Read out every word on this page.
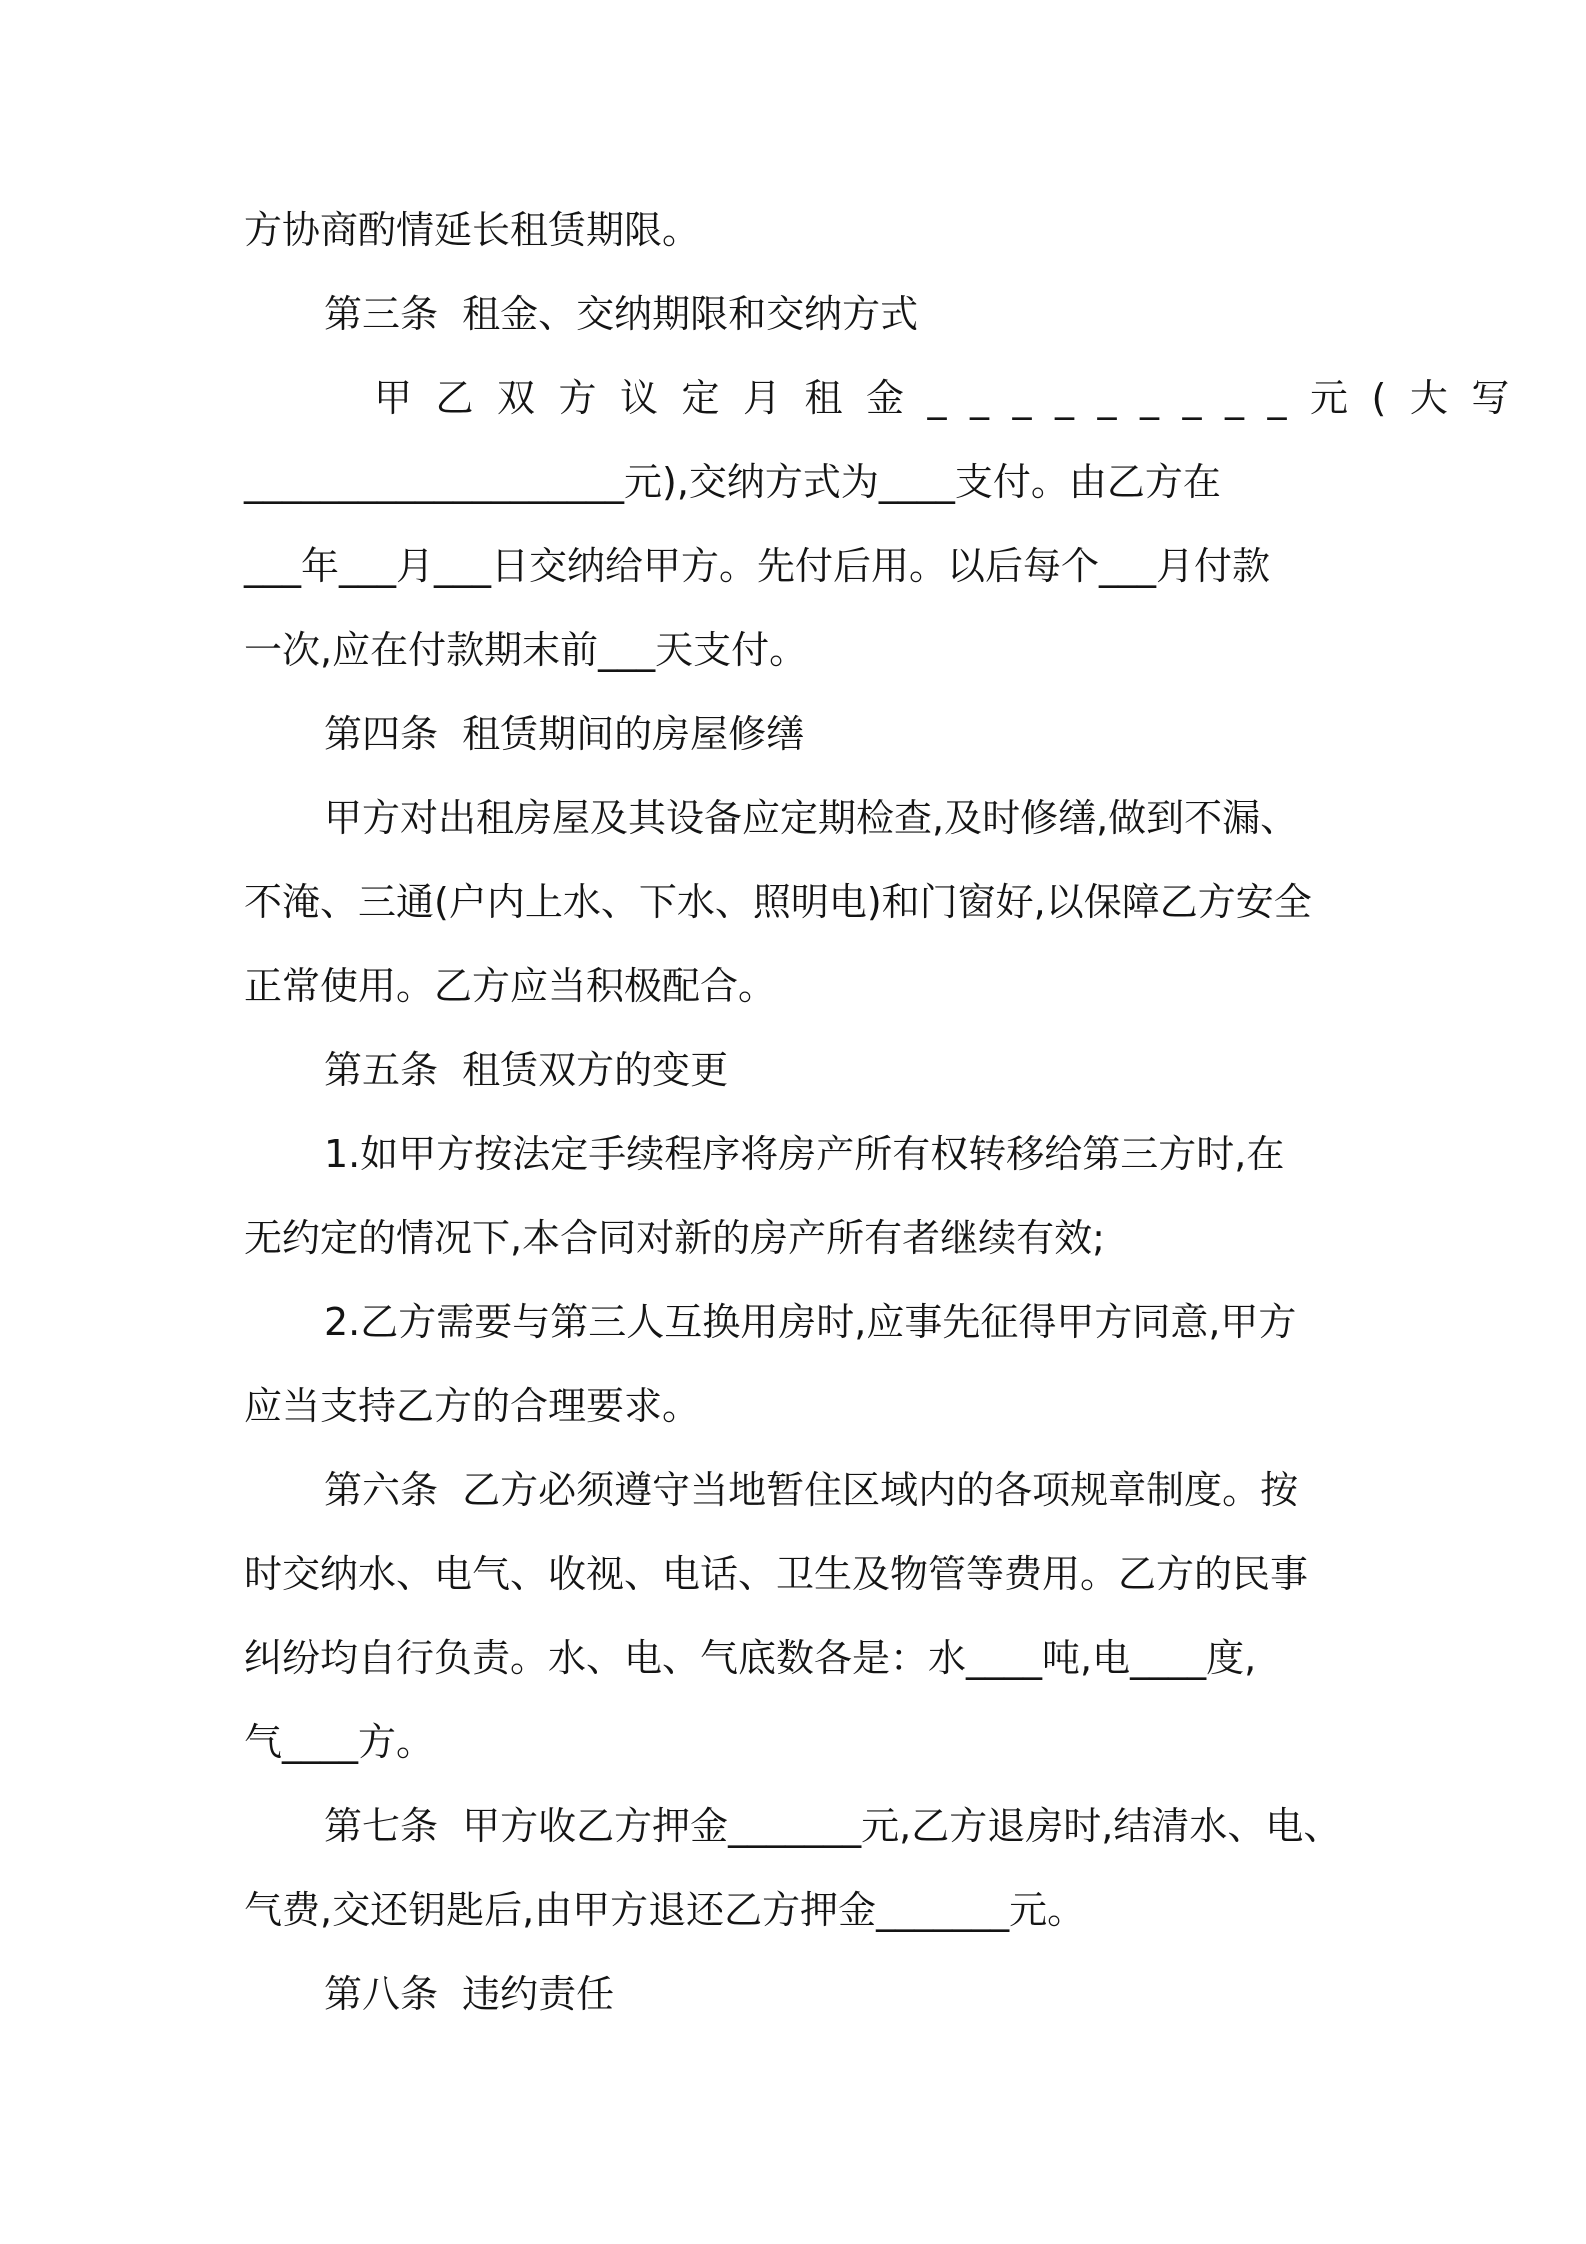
方协商酌情延长租赁期限。
第三条  租金、交纳期限和交纳方式
甲乙双方议定月租金_________元(大写
____________________元),交纳方式为____支付。由乙方在
___年___月___日交纳给甲方。先付后用。以后每个___月付款
一次,应在付款期末前___天支付。
第四条  租赁期间的房屋修缮
甲方对出租房屋及其设备应定期检查,及时修缮,做到不漏、
不淹、三通(户内上水、下水、照明电)和门窗好,以保障乙方安全
正常使用。乙方应当积极配合。
第五条  租赁双方的变更
1.如甲方按法定手续程序将房产所有权转移给第三方时,在
无约定的情况下,本合同对新的房产所有者继续有效;
2.乙方需要与第三人互换用房时,应事先征得甲方同意,甲方
应当支持乙方的合理要求。
第六条  乙方必须遵守当地暂住区域内的各项规章制度。按
时交纳水、电气、收视、电话、卫生及物管等费用。乙方的民事
纠纷均自行负责。水、电、气底数各是：水____吨,电____度,
气____方。
第七条  甲方收乙方押金_______元,乙方退房时,结清水、电、
气费,交还钥匙后,由甲方退还乙方押金_______元。
第八条  违约责任
